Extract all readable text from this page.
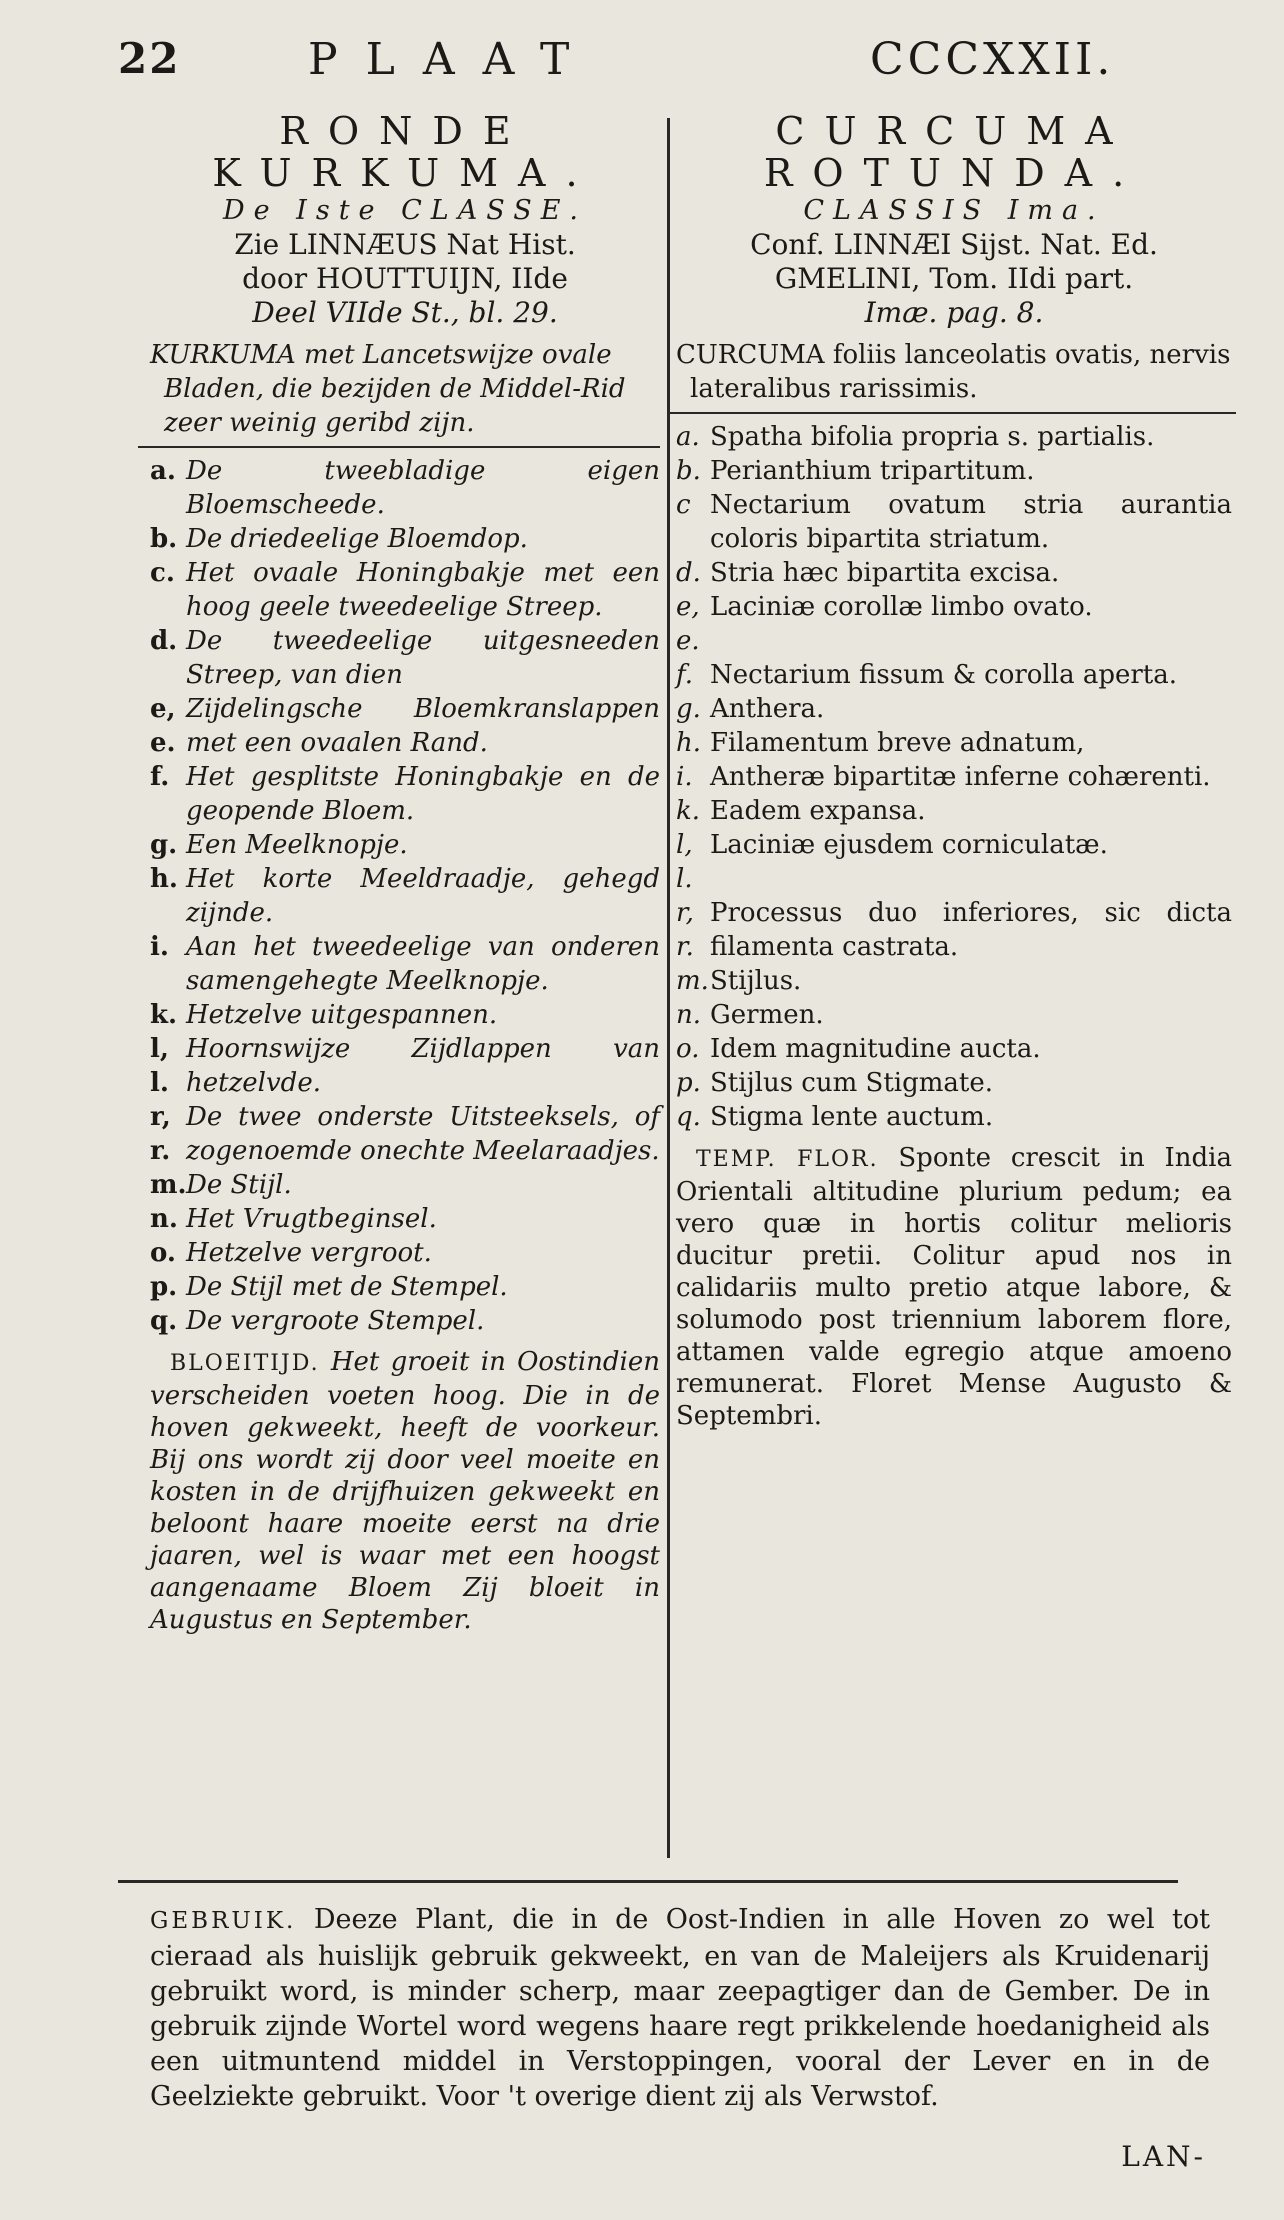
22	PLAAT	CCCXXII.
RONDE
KURKUMA.
De Iste CLASSE.
Zie LINNÆUS Nat Hist.
door HOUTTUIJN, IIde
Deel VIIde St., bl. 29.
KURKUMA met Lancetswijze ovale Bladen, die bezijden de Middel-Rid zeer weinig geribd zijn.
a. De tweebladige eigen Bloemscheede.
b. De driedeelige Bloemdop.
c. Het ovaale Honingbakje met een hoog geele tweedeelige Streep.
d. De tweedeelige uitgesneeden Streep, van dien
e, e.
Zijdelingsche Bloemkranslappen met een ovaalen Rand.
f. Het gesplitste Honingbakje en de geopende Bloem.
g. Een Meelknopje.
h. Het korte Meeldraadje, gehegd zijnde.
i. Aan het tweedeelige van onderen samengehegte Meelknopje.
k. Hetzelve uitgespannen.
l, l.
Hoornswijze Zijdlappen van hetzelvde.
r, r.
De twee onderste Uitsteeksels, of zogenoemde onechte Meelaraadjes.
m. De Stijl.
n. Het Vrugtbeginsel.
o. Hetzelve vergroot.
p. De Stijl met de Stempel.
q. De vergroote Stempel.
BLOEITIJD. Het groeit in Oostindien verscheiden voeten hoog. Die in de hoven gekweekt, heeft de voorkeur. Bij ons wordt zij door veel moeite en kosten in de drijfhuizen gekweekt en beloont haare moeite eerst na drie jaaren, wel is waar met een hoogst aangenaame Bloem Zij bloeit in Augustus en September.
CURCUMA
ROTUNDA.
CLASSIS Ima.
Conf. LINNÆI Sijst. Nat. Ed.
GMELINI, Tom. IIdi part.
Imæ. pag. 8.
CURCUMA foliis lanceolatis ovatis, nervis lateralibus rarissimis.
a. Spatha bifolia propria s. partialis.
b. Perianthium tripartitum.
c Nectarium ovatum stria aurantia coloris bipartita striatum.
d. Stria hæc bipartita excisa.
e, e.
Laciniæ corollæ limbo ovato.
f. Nectarium fissum & corolla aperta.
g. Anthera.
h. Filamentum breve adnatum,
i. Antheræ bipartitæ inferne cohærenti.
k. Eadem expansa.
l, l.
Laciniæ ejusdem corniculatæ.
r, r.
Processus duo inferiores, sic dicta filamenta castrata.
m. Stijlus.
n. Germen.
o. Idem magnitudine aucta.
p. Stijlus cum Stigmate.
q. Stigma lente auctum.
TEMP. FLOR. Sponte crescit in India Orientali altitudine plurium pedum; ea vero quæ in hortis colitur melioris ducitur pretii. Colitur apud nos in calidariis multo pretio atque labore, & solumodo post triennium laborem flore, attamen valde egregio atque amoeno remunerat. Floret Mense Augusto & Septembri.
GEBRUIK. Deeze Plant, die in de Oost-Indien in alle Hoven zo wel tot cieraad als huislijk gebruik gekweekt, en van de Maleijers als Kruidenarij gebruikt word, is minder scherp, maar zeepagtiger dan de Gember. De in gebruik zijnde Wortel word wegens haare regt prikkelende hoedanigheid als een uitmuntend middel in Verstoppingen, vooral der Lever en in de Geelziekte gebruikt. Voor 't overige dient zij als Verwstof.
LAN-
